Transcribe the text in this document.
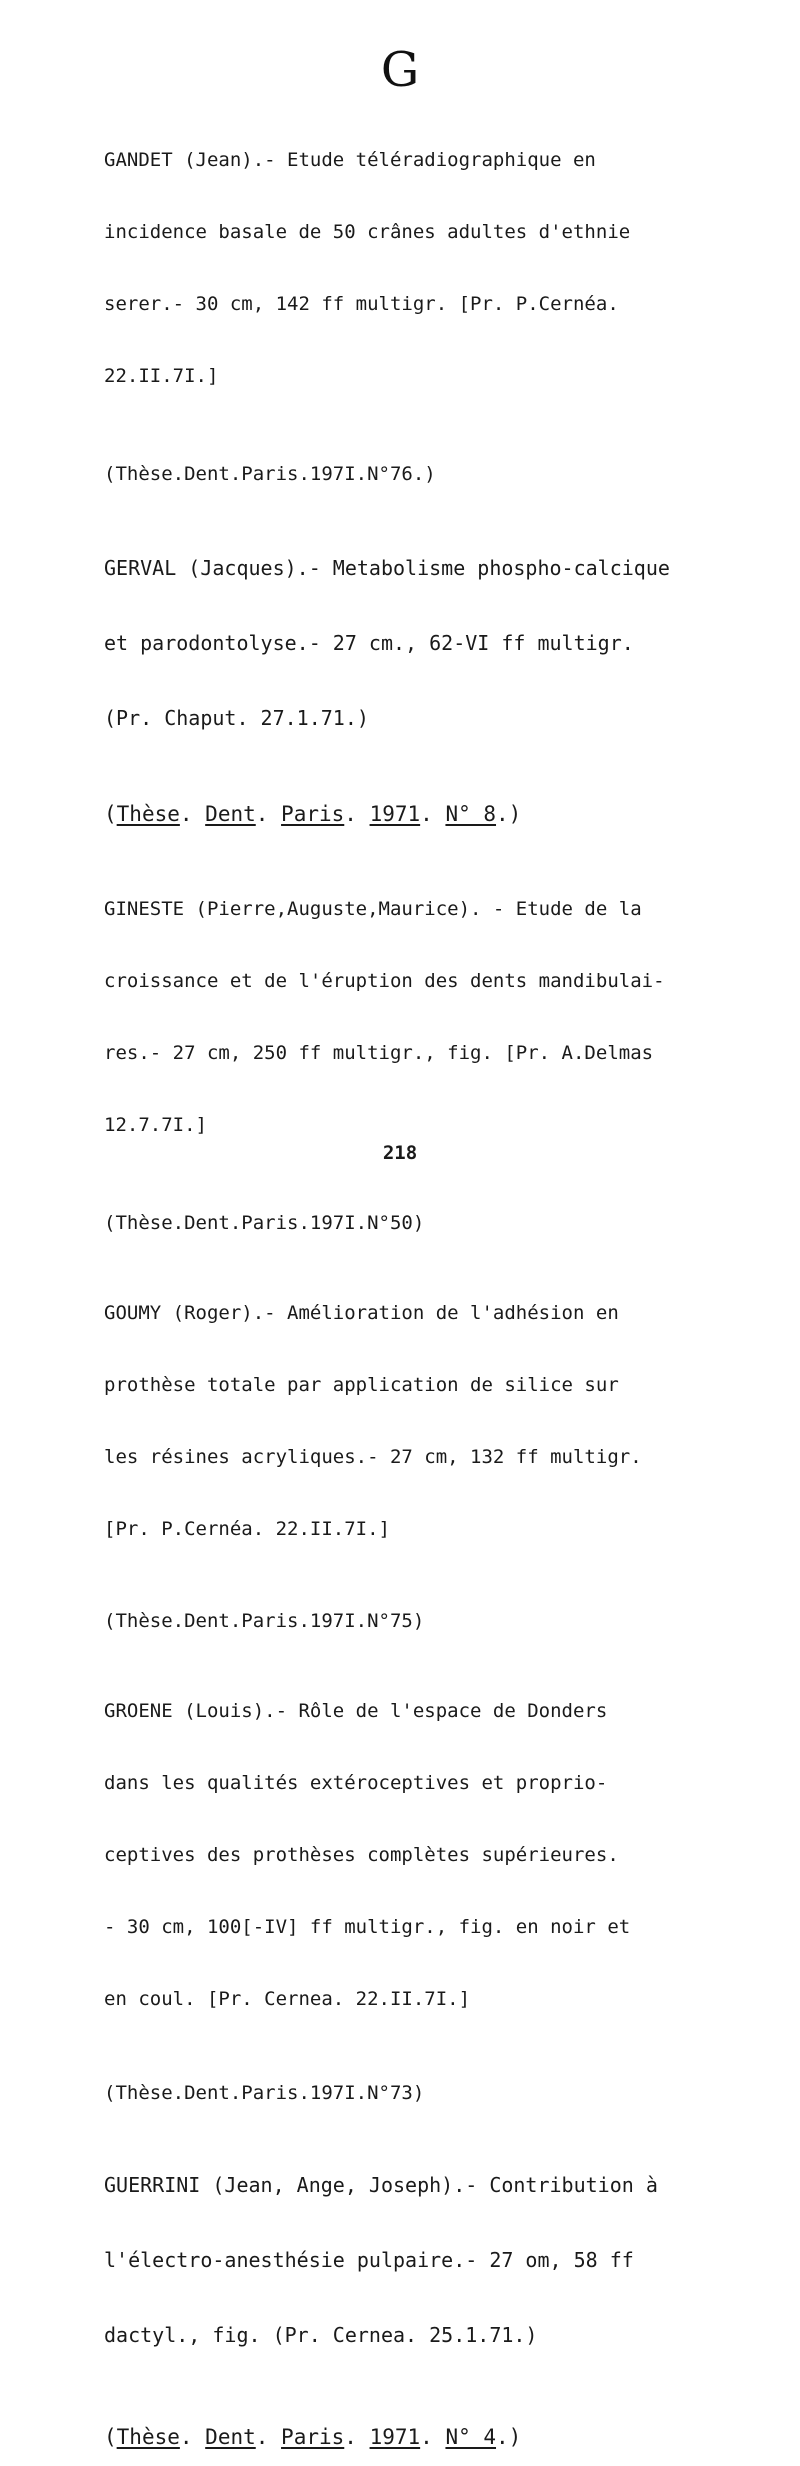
G

GANDET (Jean).- Etude téléradiographique en

incidence basale de 50 crânes adultes d'ethnie

serer.- 30 cm, 142 ff multigr. [Pr. P.Cernéa.

22.II.7I.]

(Thèse.Dent.Paris.197I.N°76.)

GERVAL (Jacques).- Metabolisme phospho-calcique

et parodontolyse.- 27 cm., 62-VI ff multigr.

(Pr. Chaput. 27.1.71.)

(Thèse. Dent. Paris. 1971. N° 8.)

GINESTE (Pierre,Auguste,Maurice). - Etude de la

croissance et de l'éruption des dents mandibulai-

res.- 27 cm, 250 ff multigr., fig. [Pr. A.Delmas

12.7.7I.]

(Thèse.Dent.Paris.197I.N°50)

GOUMY (Roger).- Amélioration de l'adhésion en

prothèse totale par application de silice sur

les résines acryliques.- 27 cm, 132 ff multigr.

[Pr. P.Cernéa. 22.II.7I.]

(Thèse.Dent.Paris.197I.N°75)

GROENE (Louis).- Rôle de l'espace de Donders

dans les qualités extéroceptives et proprio-

ceptives des prothèses complètes supérieures.

- 30 cm, 100[-IV] ff multigr., fig. en noir et

en coul. [Pr. Cernea. 22.II.7I.]

(Thèse.Dent.Paris.197I.N°73)

GUERRINI (Jean, Ange, Joseph).- Contribution à

l'électro-anesthésie pulpaire.- 27 om, 58 ff

dactyl., fig. (Pr. Cernea. 25.1.71.)

(Thèse. Dent. Paris. 1971. N° 4.)
218
